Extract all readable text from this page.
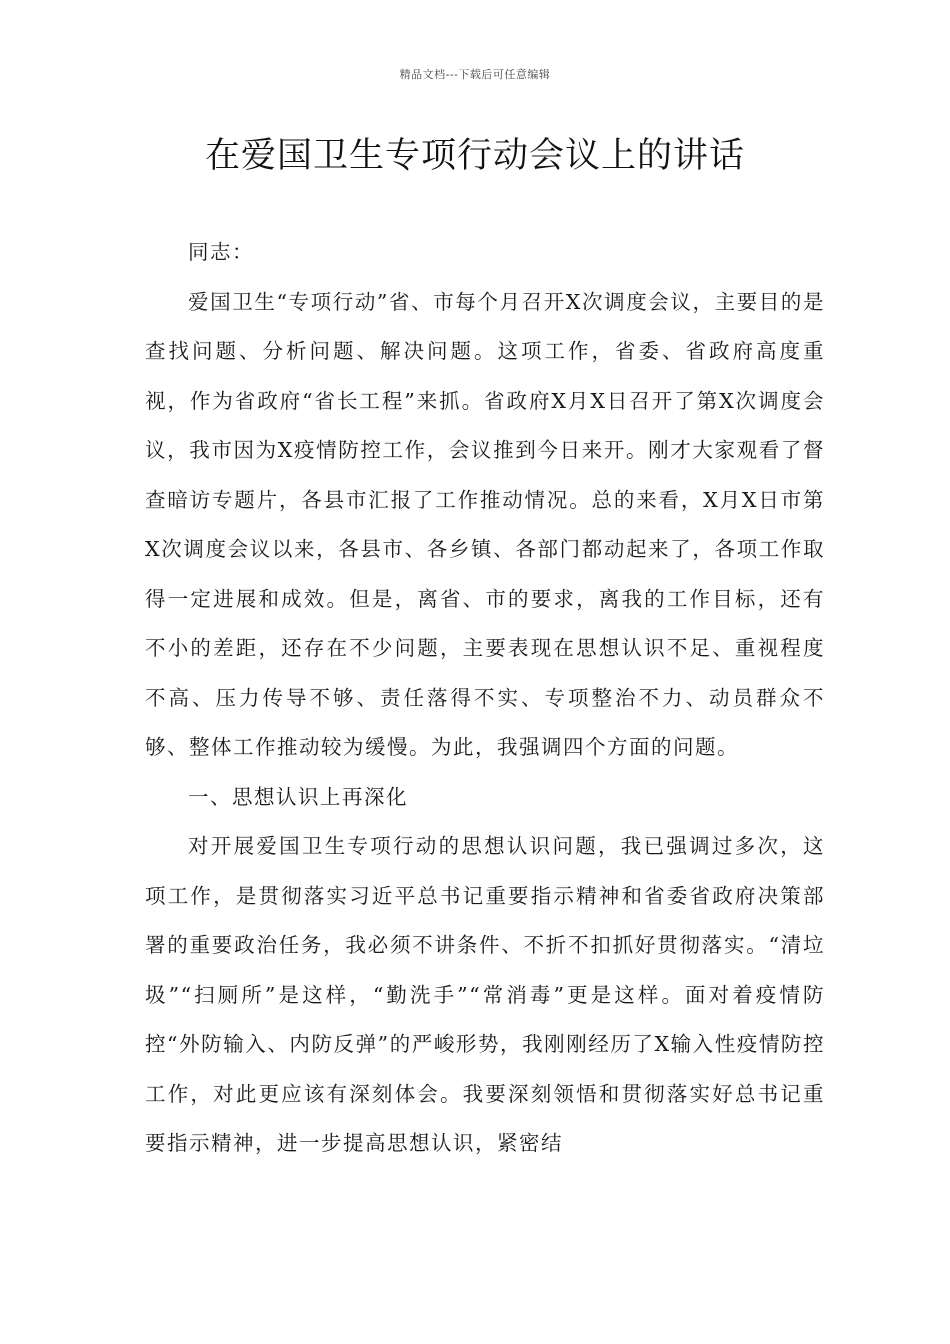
精品文档---下载后可任意编辑
在爱国卫生专项行动会议上的讲话

同志：

爱国卫生“专项行动”省、市每个月召开X次调度会议，主要目的是查找问题、分析问题、解决问题。这项工作，省委、省政府高度重视，作为省政府“省长工程”来抓。省政府X月X日召开了第X次调度会议，我市因为X疫情防控工作，会议推到今日来开。刚才大家观看了督查暗访专题片，各县市汇报了工作推动情况。总的来看，X月X日市第X次调度会议以来，各县市、各乡镇、各部门都动起来了，各项工作取得一定进展和成效。但是，离省、市的要求，离我的工作目标，还有不小的差距，还存在不少问题，主要表现在思想认识不足、重视程度不高、压力传导不够、责任落得不实、专项整治不力、动员群众不够、整体工作推动较为缓慢。为此，我强调四个方面的问题。

一、思想认识上再深化

对开展爱国卫生专项行动的思想认识问题，我已强调过多次，这项工作，是贯彻落实习近平总书记重要指示精神和省委省政府决策部署的重要政治任务，我必须不讲条件、不折不扣抓好贯彻落实。“清垃圾”“扫厕所”是这样，“勤洗手”“常消毒”更是这样。面对着疫情防控“外防输入、内防反弹”的严峻形势，我刚刚经历了X输入性疫情防控工作，对此更应该有深刻体会。我要深刻领悟和贯彻落实好总书记重要指示精神，进一步提高思想认识，紧密结
